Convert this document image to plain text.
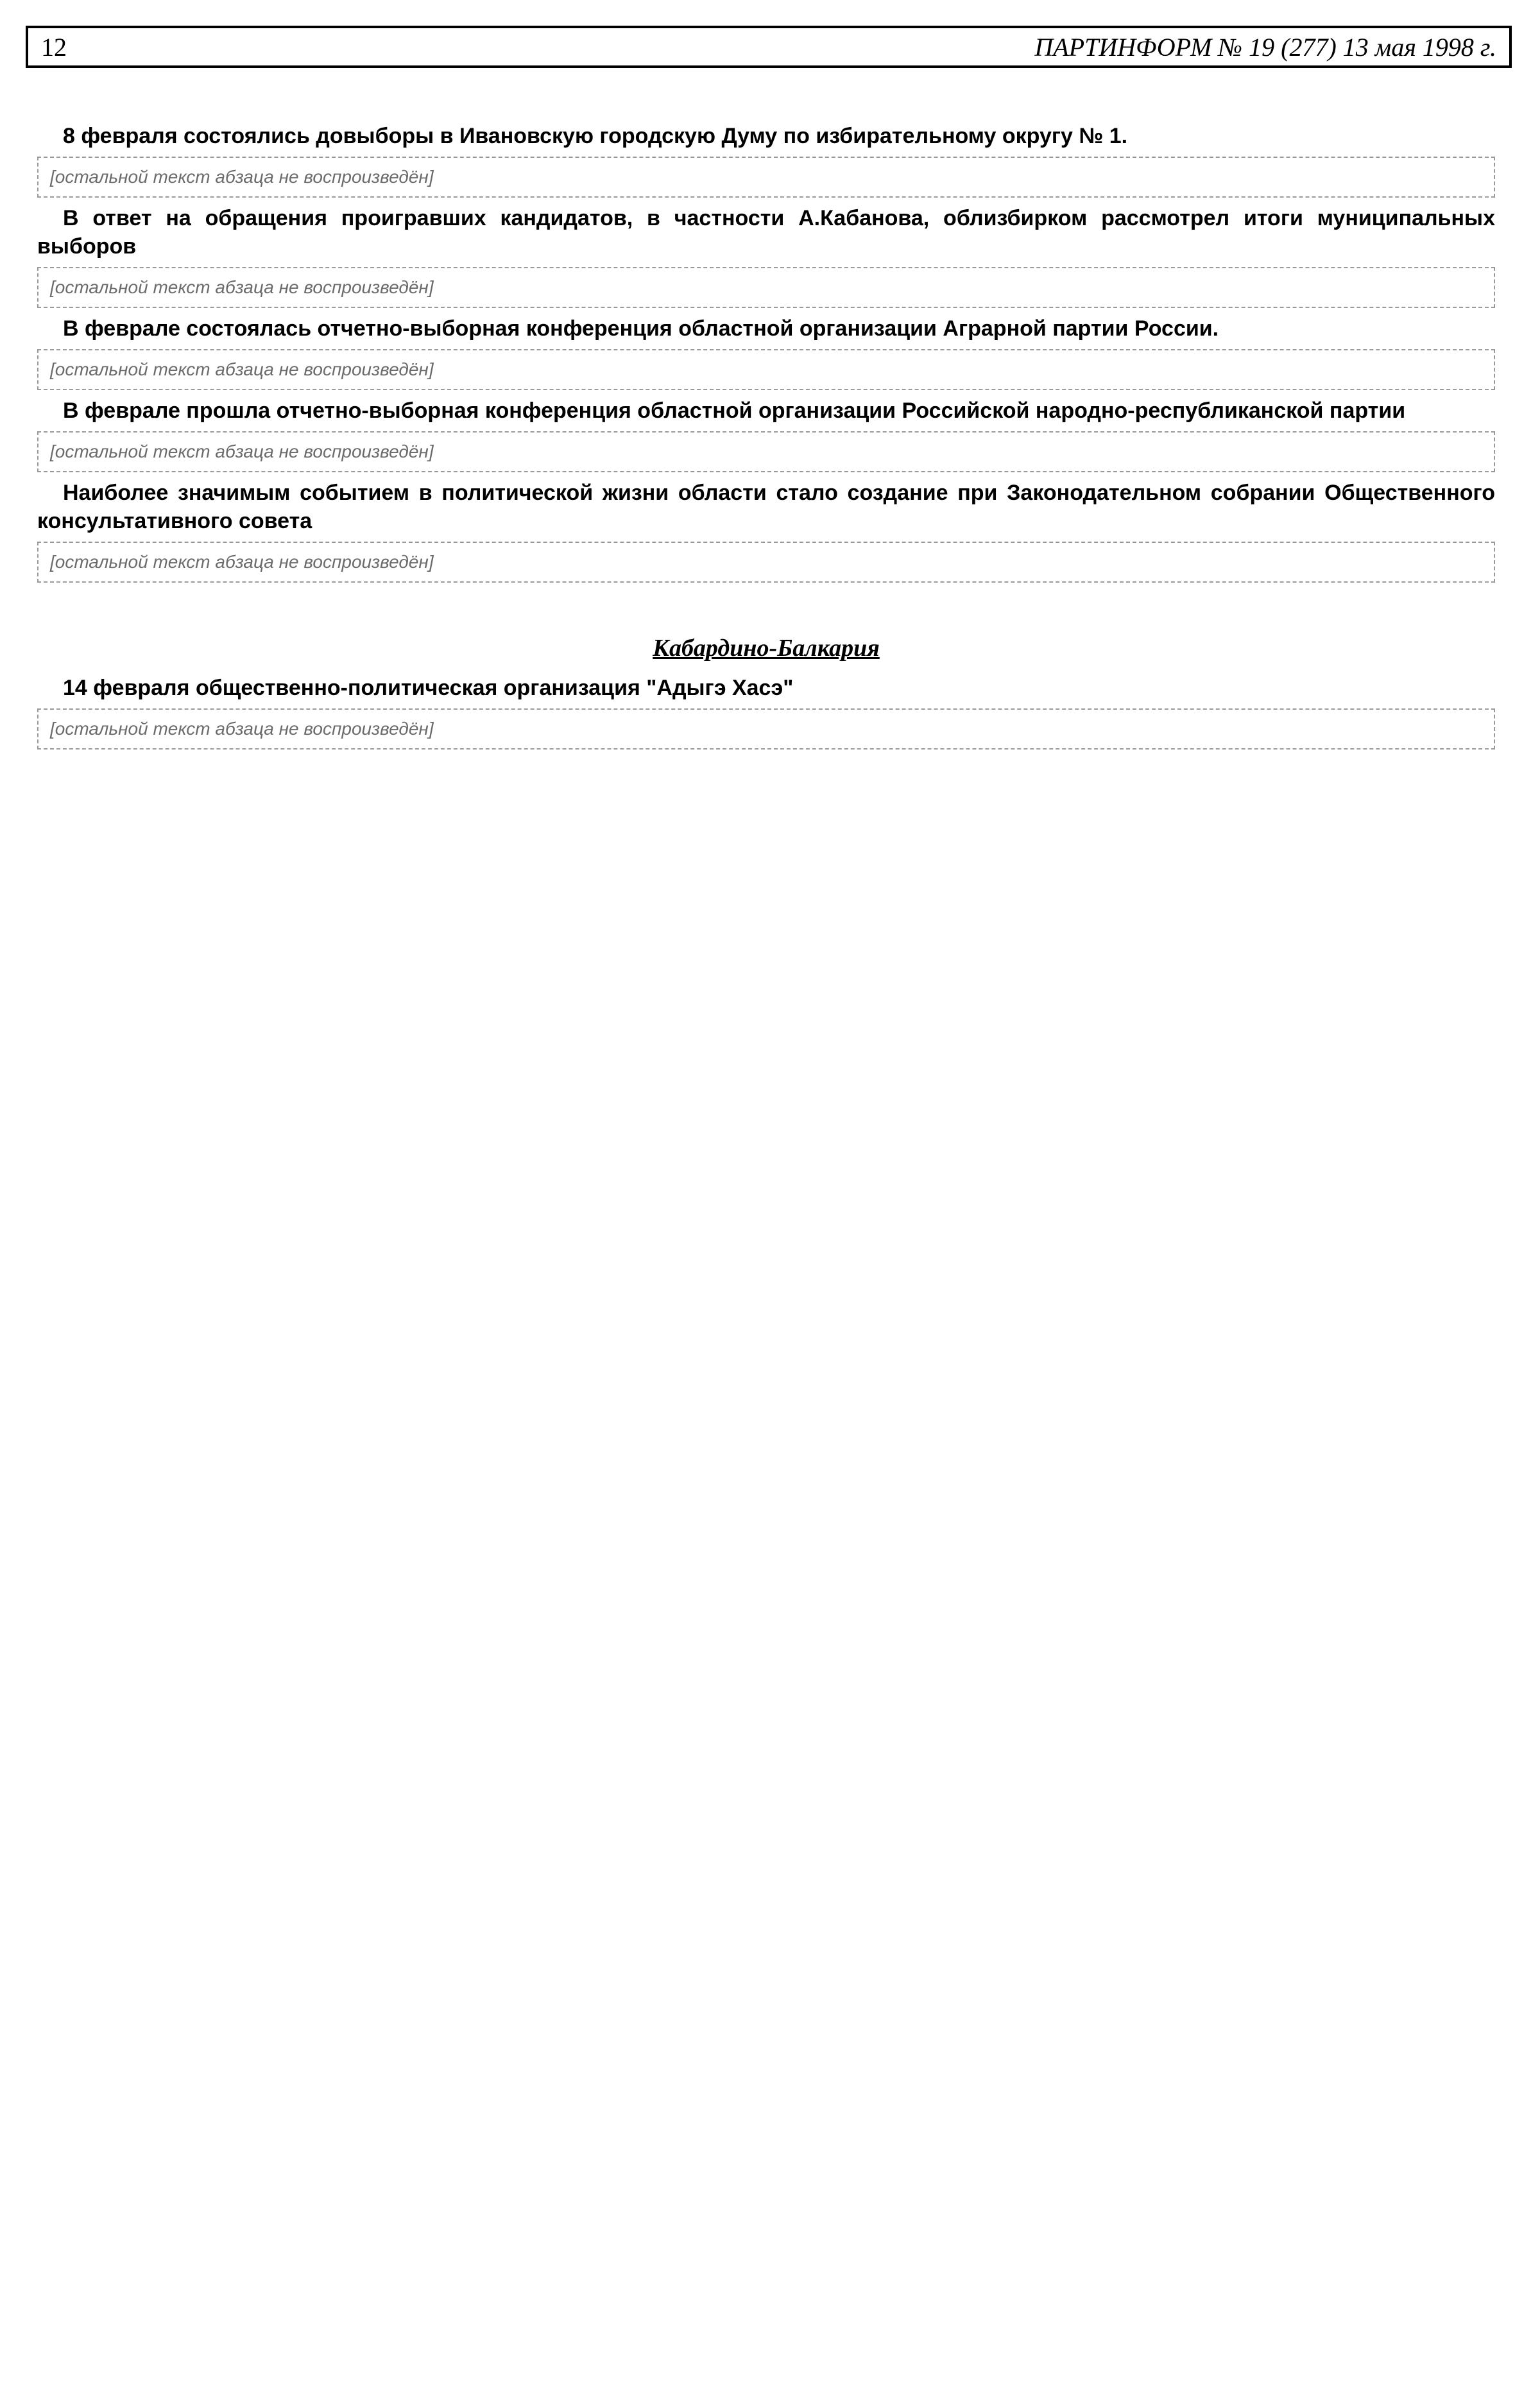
12	ПАРТИНФОРМ № 19 (277) 13 мая 1998 г.

8 февраля состоялись довыборы в Ивановскую городскую Думу по избирательному округу № 1.
[остальной текст абзаца не воспроизведён]

В ответ на обращения проигравших кандидатов, в частности А.Кабанова, облизбирком рассмотрел итоги муниципальных выборов
[остальной текст абзаца не воспроизведён]

В феврале состоялась отчетно-выборная конференция областной организации Аграрной партии России.
[остальной текст абзаца не воспроизведён]

В феврале прошла отчетно-выборная конференция областной организации Российской народно-республиканской партии
[остальной текст абзаца не воспроизведён]

Наиболее значимым событием в политической жизни области стало создание при Законодательном собрании Общественного консультативного совета
[остальной текст абзаца не воспроизведён]

Кабардино-Балкария

14 февраля общественно-политическая организация "Адыгэ Хасэ"
[остальной текст абзаца не воспроизведён]
